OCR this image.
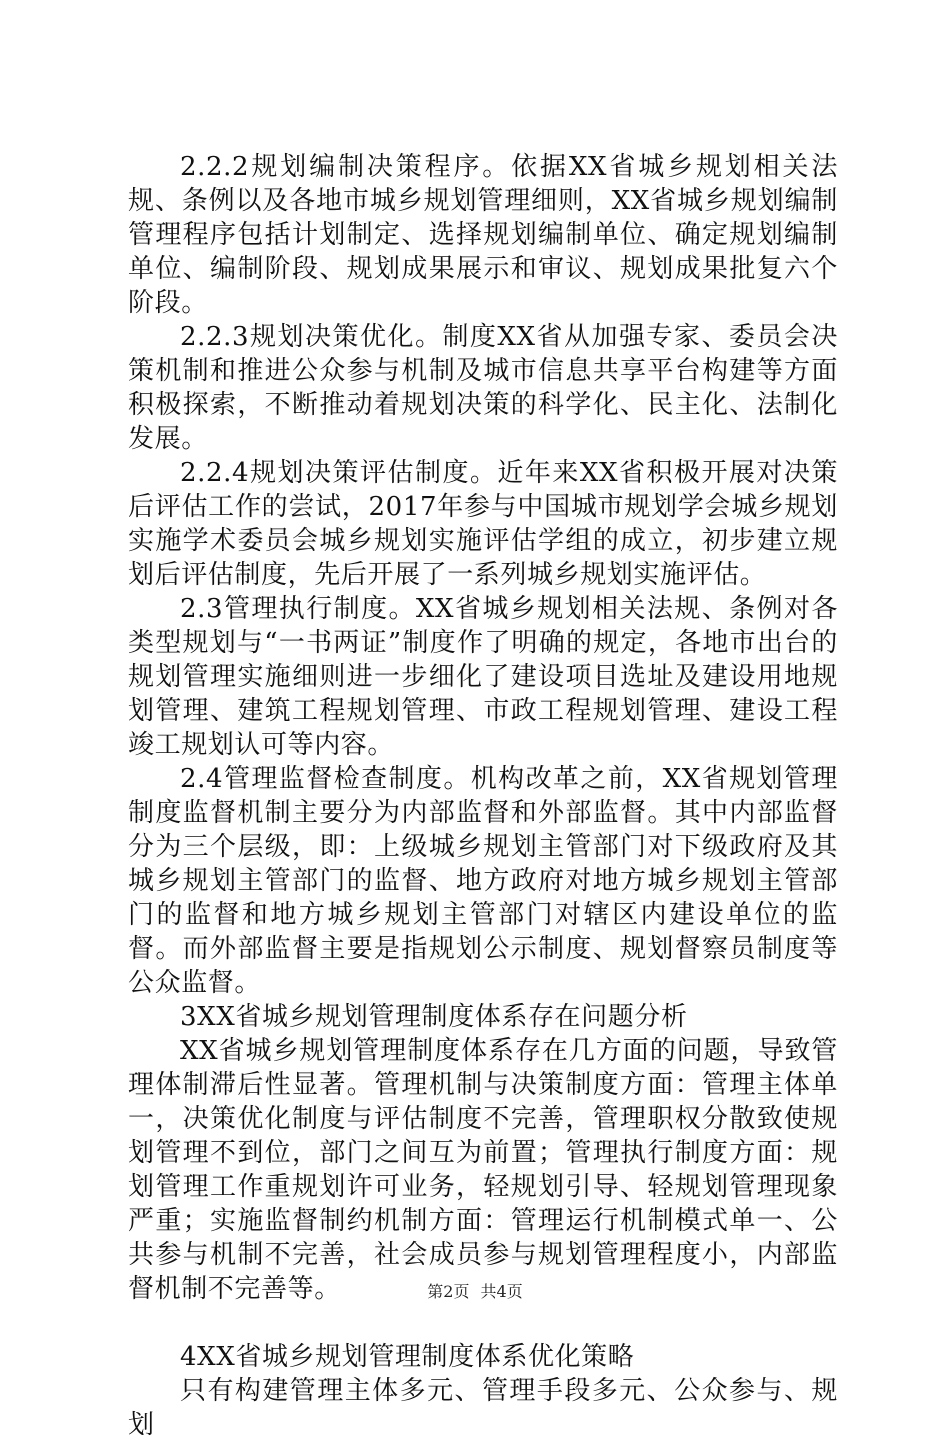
2.2.2规划编制决策程序。依据XX省城乡规划相关法规、条例以及各地市城乡规划管理细则，XX省城乡规划编制管理程序包括计划制定、选择规划编制单位、确定规划编制单位、编制阶段、规划成果展示和审议、规划成果批复六个阶段。

2.2.3规划决策优化。制度XX省从加强专家、委员会决策机制和推进公众参与机制及城市信息共享平台构建等方面积极探索，不断推动着规划决策的科学化、民主化、法制化发展。

2.2.4规划决策评估制度。近年来XX省积极开展对决策后评估工作的尝试，2017年参与中国城市规划学会城乡规划实施学术委员会城乡规划实施评估学组的成立，初步建立规划后评估制度，先后开展了一系列城乡规划实施评估。

2.3管理执行制度。XX省城乡规划相关法规、条例对各类型规划与“一书两证”制度作了明确的规定，各地市出台的规划管理实施细则进一步细化了建设项目选址及建设用地规划管理、建筑工程规划管理、市政工程规划管理、建设工程竣工规划认可等内容。

2.4管理监督检查制度。机构改革之前，XX省规划管理制度监督机制主要分为内部监督和外部监督。其中内部监督分为三个层级，即：上级城乡规划主管部门对下级政府及其城乡规划主管部门的监督、地方政府对地方城乡规划主管部门的监督和地方城乡规划主管部门对辖区内建设单位的监督。而外部监督主要是指规划公示制度、规划督察员制度等公众监督。

3XX省城乡规划管理制度体系存在问题分析

XX省城乡规划管理制度体系存在几方面的问题，导致管理体制滞后性显著。管理机制与决策制度方面：管理主体单一，决策优化制度与评估制度不完善，管理职权分散致使规划管理不到位，部门之间互为前置；管理执行制度方面：规划管理工作重规划许可业务，轻规划引导、轻规划管理现象严重；实施监督制约机制方面：管理运行机制模式单一、公共参与机制不完善，社会成员参与规划管理程度小，内部监督机制不完善等。

4XX省城乡规划管理制度体系优化策略

只有构建管理主体多元、管理手段多元、公众参与、规划

第2页 共4页
